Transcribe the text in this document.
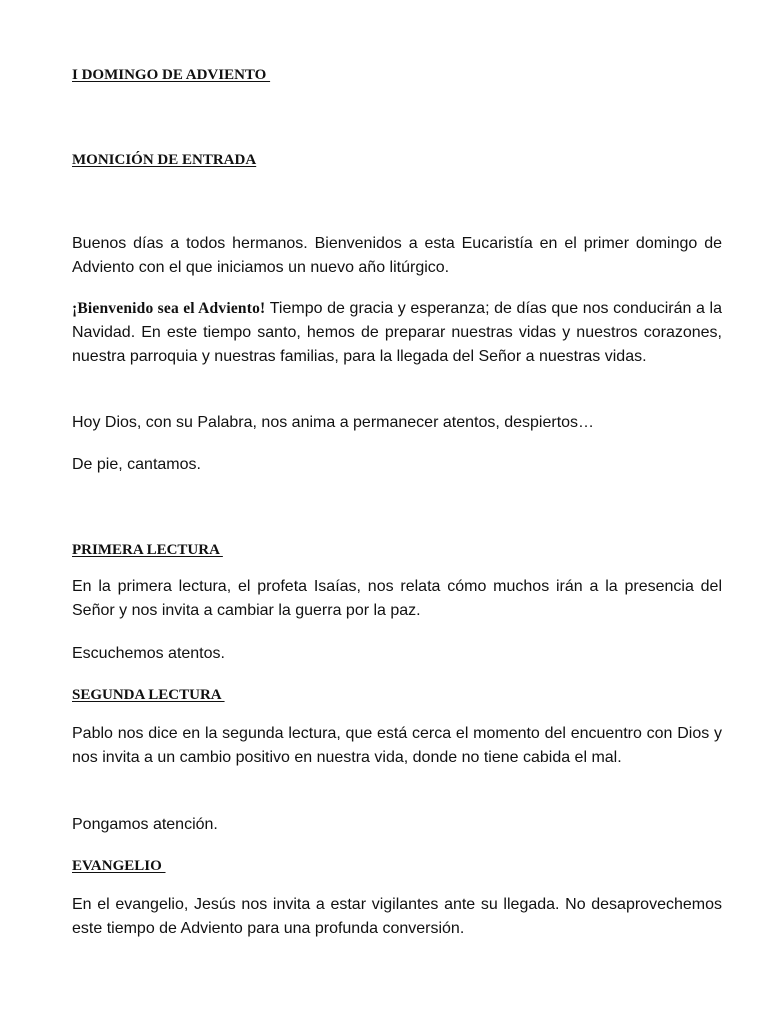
I DOMINGO DE ADVIENTO
MONICIÓN DE ENTRADA

Buenos días a todos hermanos. Bienvenidos a esta Eucaristía en el primer domingo de Adviento con el que iniciamos un nuevo año litúrgico.

¡Bienvenido sea el Adviento! Tiempo de gracia y esperanza; de días que nos conducirán a la Navidad. En este tiempo santo, hemos de preparar nuestras vidas y nuestros corazones, nuestra parroquia y nuestras familias, para la llegada del Señor a nuestras vidas.

Hoy Dios, con su Palabra, nos anima a permanecer atentos, despiertos…

De pie, cantamos.

PRIMERA LECTURA

En la primera lectura, el profeta Isaías, nos relata cómo muchos irán a la presencia del Señor y nos invita a cambiar la guerra por la paz.

Escuchemos atentos.

SEGUNDA LECTURA

Pablo nos dice en la segunda lectura, que está cerca el momento del encuentro con Dios y nos invita a un cambio positivo en nuestra vida, donde no tiene cabida el mal.

Pongamos atención.

EVANGELIO

En el evangelio, Jesús nos invita a estar vigilantes ante su llegada. No desaprovechemos este tiempo de Adviento para una profunda conversión.
